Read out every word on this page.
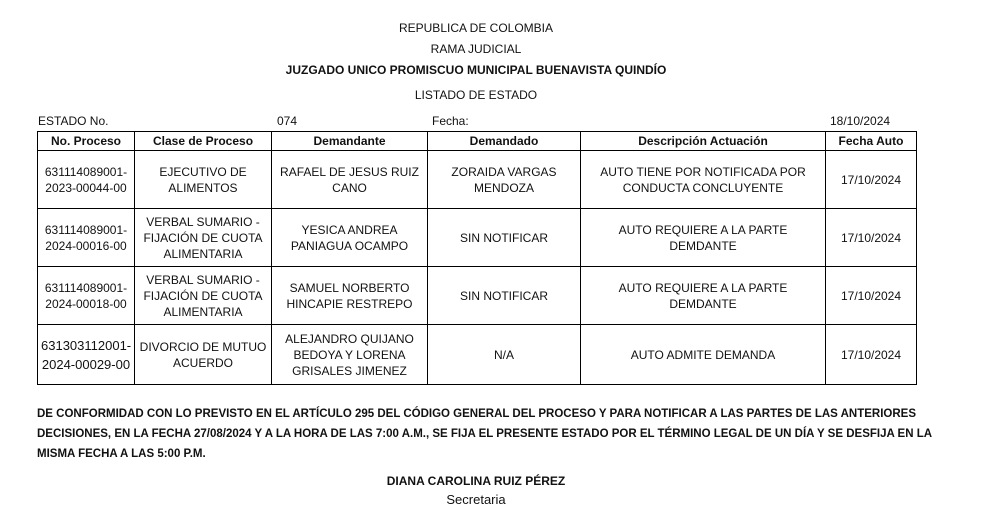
REPUBLICA DE COLOMBIA
RAMA JUDICIAL
JUZGADO UNICO PROMISCUO MUNICIPAL BUENAVISTA QUINDÍO
LISTADO DE ESTADO
ESTADO No.	074	Fecha:	18/10/2024
No. Proceso	Clase de Proceso	Demandante	Demandado	Descripción Actuación	Fecha Auto
631114089001-2023-00044-00	EJECUTIVO DE ALIMENTOS	RAFAEL DE JESUS RUIZ CANO	ZORAIDA VARGAS MENDOZA	AUTO TIENE POR NOTIFICADA POR CONDUCTA CONCLUYENTE	17/10/2024
631114089001-2024-00016-00	VERBAL SUMARIO - FIJACIÓN DE CUOTA ALIMENTARIA	YESICA ANDREA PANIAGUA OCAMPO	SIN NOTIFICAR	AUTO REQUIERE A LA PARTE DEMDANTE	17/10/2024
631114089001-2024-00018-00	VERBAL SUMARIO - FIJACIÓN DE CUOTA ALIMENTARIA	SAMUEL NORBERTO HINCAPIE RESTREPO	SIN NOTIFICAR	AUTO REQUIERE A LA PARTE DEMDANTE	17/10/2024
631303112001-2024-00029-00	DIVORCIO DE MUTUO ACUERDO	ALEJANDRO QUIJANO BEDOYA Y LORENA GRISALES JIMENEZ	N/A	AUTO ADMITE DEMANDA	17/10/2024
DE CONFORMIDAD CON LO PREVISTO EN EL ARTÍCULO 295 DEL CÓDIGO GENERAL DEL PROCESO Y PARA NOTIFICAR A LAS PARTES DE LAS ANTERIORES DECISIONES, EN LA FECHA 27/08/2024 Y A LA HORA DE LAS 7:00 A.M., SE FIJA EL PRESENTE ESTADO POR EL TÉRMINO LEGAL DE UN DÍA Y SE DESFIJA EN LA MISMA FECHA A LAS 5:00 P.M.
DIANA CAROLINA RUIZ PÉREZ
Secretaria
